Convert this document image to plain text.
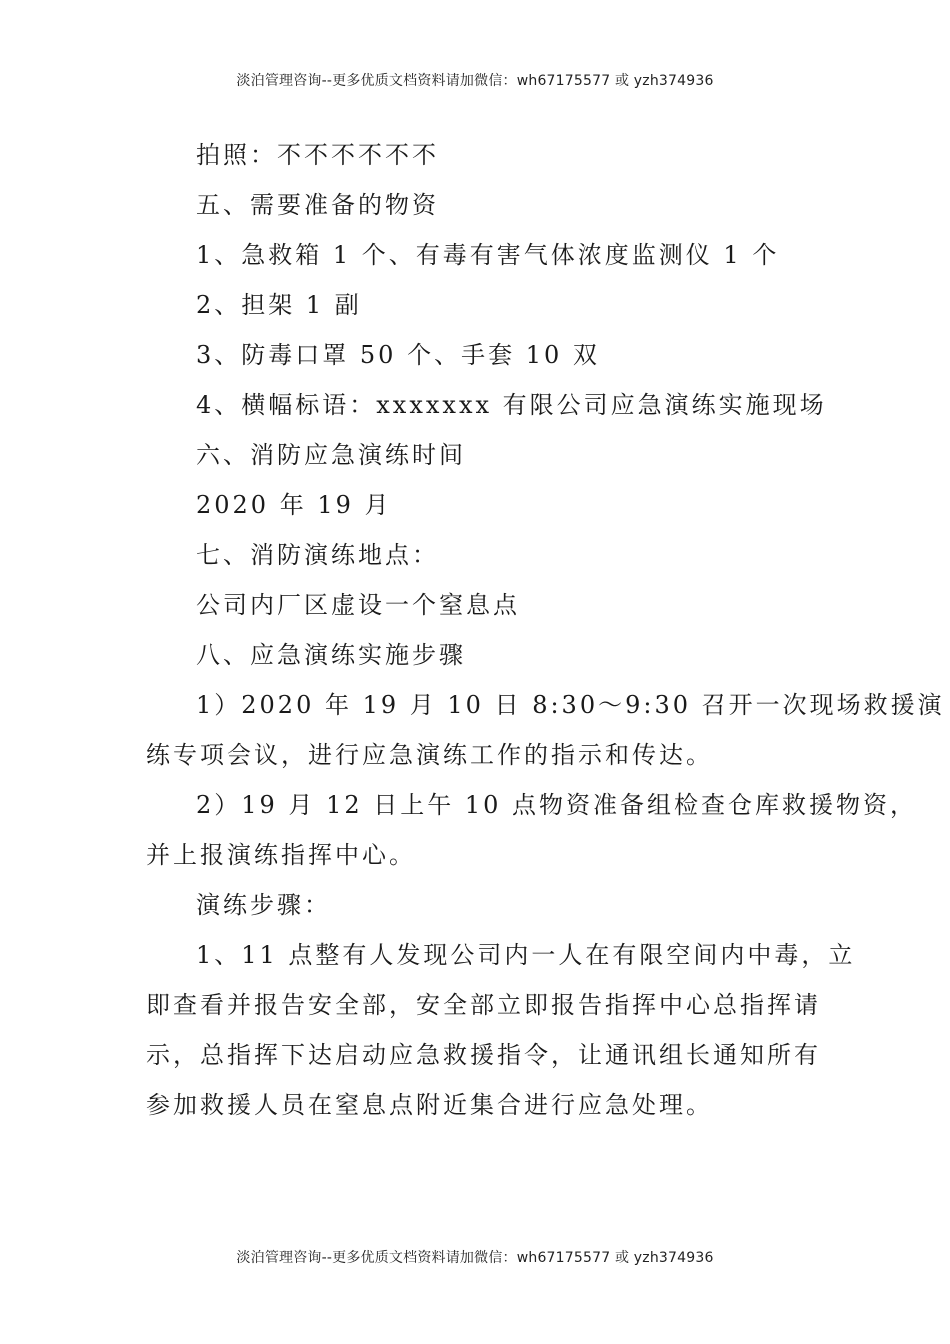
淡泊管理咨询--更多优质文档资料请加微信：wh67175577 或 yzh374936
拍照：不不不不不不
五、需要准备的物资
1、急救箱 1 个、有毒有害气体浓度监测仪 1 个
2、担架 1 副
3、防毒口罩 50 个、手套 10 双
4、横幅标语：xxxxxxx 有限公司应急演练实施现场
六、消防应急演练时间
2020 年 19 月
七、消防演练地点：
公司内厂区虚设一个窒息点
八、应急演练实施步骤
1）2020 年 19 月 10 日 8:30～9:30 召开一次现场救援演
练专项会议，进行应急演练工作的指示和传达。
2）19 月 12 日上午 10 点物资准备组检查仓库救援物资，
并上报演练指挥中心。
演练步骤：
1、11 点整有人发现公司内一人在有限空间内中毒，立
即查看并报告安全部，安全部立即报告指挥中心总指挥请
示，总指挥下达启动应急救援指令，让通讯组长通知所有
参加救援人员在窒息点附近集合进行应急处理。
淡泊管理咨询--更多优质文档资料请加微信：wh67175577 或 yzh374936
